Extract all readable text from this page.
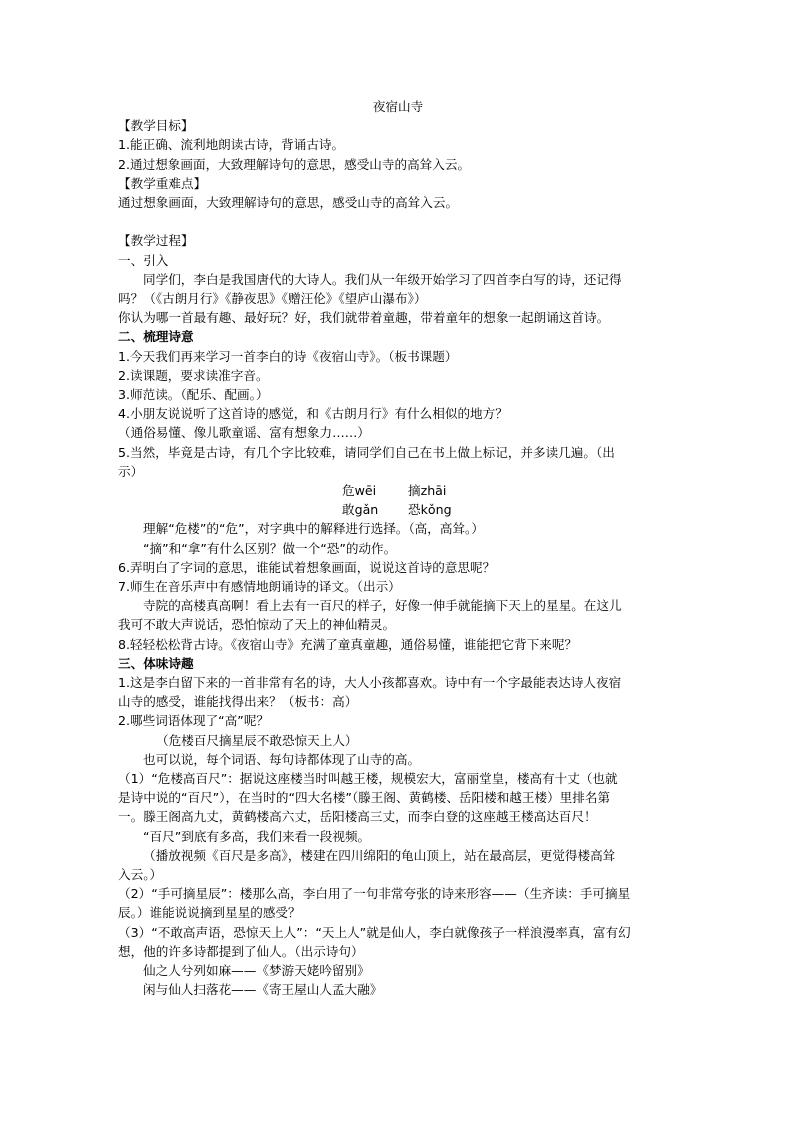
夜宿山寺
【教学目标】
1.能正确、流利地朗读古诗，背诵古诗。
2.通过想象画面，大致理解诗句的意思，感受山寺的高耸入云。
【教学重难点】
通过想象画面，大致理解诗句的意思，感受山寺的高耸入云。
【教学过程】
一、引入
同学们，李白是我国唐代的大诗人。我们从一年级开始学习了四首李白写的诗，还记得
吗？（《古朗月行》《静夜思》《赠汪伦》《望庐山瀑布》）
你认为哪一首最有趣、最好玩？好，我们就带着童趣，带着童年的想象一起朗诵这首诗。
二、梳理诗意
1.今天我们再来学习一首李白的诗《夜宿山寺》。（板书课题）
2.读课题，要求读准字音。
3.师范读。（配乐、配画。）
4.小朋友说说听了这首诗的感觉，和《古朗月行》有什么相似的地方？
（通俗易懂、像儿歌童谣、富有想象力……）
5.当然，毕竟是古诗，有几个字比较难，请同学们自己在书上做上标记，并多读几遍。（出
示）
危wēi	摘zhāi
敢gǎn 恐kǒng
理解“危楼”的“危”，对字典中的解释进行选择。（高，高耸。）
“摘”和“拿”有什么区别？做一个“恐”的动作。
6.弄明白了字词的意思，谁能试着想象画面，说说这首诗的意思呢？
7.师生在音乐声中有感情地朗诵诗的译文。（出示）
寺院的高楼真高啊！看上去有一百尺的样子，好像一伸手就能摘下天上的星星。在这儿
我可不敢大声说话，恐怕惊动了天上的神仙精灵。
8.轻轻松松背古诗。《夜宿山寺》充满了童真童趣，通俗易懂，谁能把它背下来呢？
三、体味诗趣
1.这是李白留下来的一首非常有名的诗，大人小孩都喜欢。诗中有一个字最能表达诗人夜宿
山寺的感受，谁能找得出来？（板书：高）
2.哪些词语体现了“高”呢？
（危楼百尺摘星辰不敢恐惊天上人）
也可以说，每个词语、每句诗都体现了山寺的高。
（1）“危楼高百尺”：据说这座楼当时叫越王楼，规模宏大，富丽堂皇，楼高有十丈（也就
是诗中说的“百尺”），在当时的“四大名楼”（滕王阁、黄鹤楼、岳阳楼和越王楼）里排名第
一。滕王阁高九丈，黄鹤楼高六丈，岳阳楼高三丈，而李白登的这座越王楼高达百尺！
“百尺”到底有多高，我们来看一段视频。
（播放视频《百尺是多高》，楼建在四川绵阳的龟山顶上，站在最高层，更觉得楼高耸
入云。）
（2）“手可摘星辰”：楼那么高，李白用了一句非常夸张的诗来形容——（生齐读：手可摘星
辰。）谁能说说摘到星星的感受？
（3）“不敢高声语，恐惊天上人”：“天上人”就是仙人，李白就像孩子一样浪漫率真，富有幻
想，他的许多诗都提到了仙人。（出示诗句）
仙之人兮列如麻——《梦游天姥吟留别》
闲与仙人扫落花——《寄王屋山人孟大融》
